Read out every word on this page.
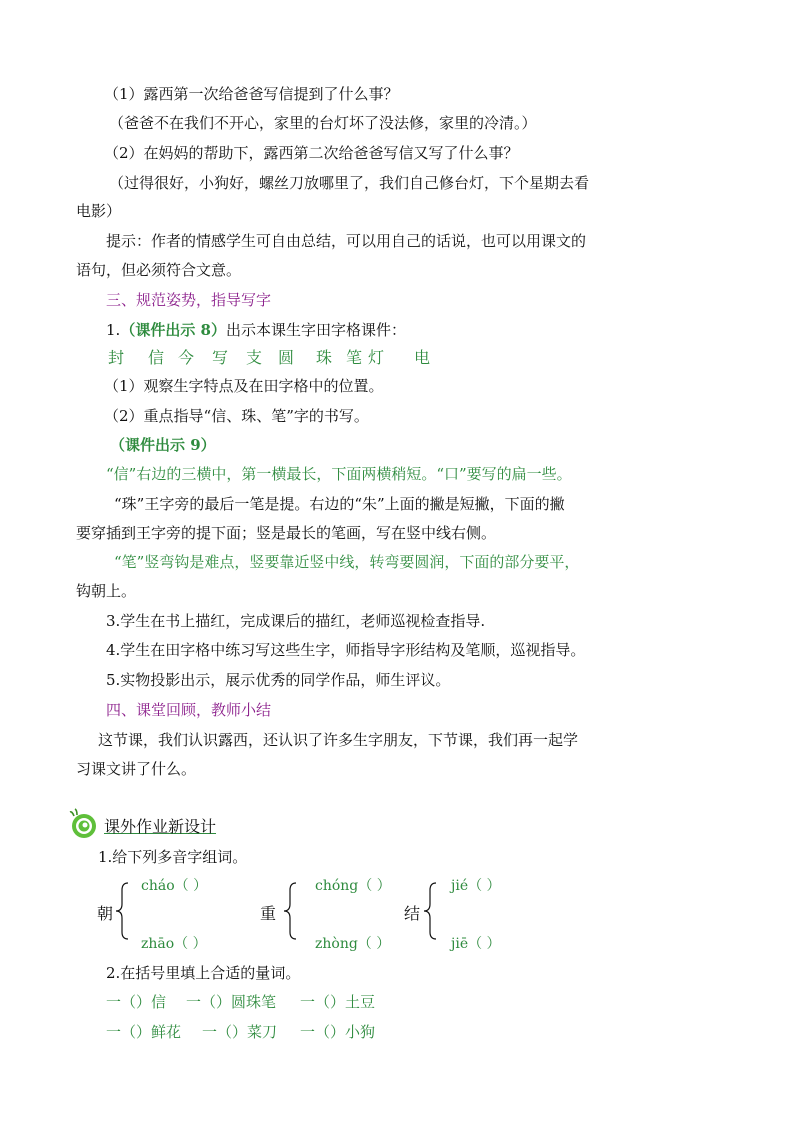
（1）露西第一次给爸爸写信提到了什么事？
（爸爸不在我们不开心，家里的台灯坏了没法修，家里的冷清。）
（2）在妈妈的帮助下，露西第二次给爸爸写信又写了什么事？
（过得很好，小狗好，螺丝刀放哪里了，我们自己修台灯，下个星期去看
电影）
提示：作者的情感学生可自由总结，可以用自己的话说，也可以用课文的
语句，但必须符合文意。
三、规范姿势，指导写字
1.（课件出示 8）出示本课生字田字格课件：
封 信 今 写 支 圆 珠 笔 灯 电
（1）观察生字特点及在田字格中的位置。
（2）重点指导“信、珠、笔”字的书写。
（课件出示 9）
“信”右边的三横中，第一横最长，下面两横稍短。“口”要写的扁一些。
“珠”王字旁的最后一笔是提。右边的“朱”上面的撇是短撇，下面的撇
要穿插到王字旁的提下面；竖是最长的笔画，写在竖中线右侧。
“笔”竖弯钩是难点，竖要靠近竖中线，转弯要圆润，下面的部分要平，
钩朝上。
3.学生在书上描红，完成课后的描红，老师巡视检查指导.
4.学生在田字格中练习写这些生字，师指导字形结构及笔顺，巡视指导。
5.实物投影出示，展示优秀的同学作品，师生评议。
四、课堂回顾，教师小结
这节课，我们认识露西，还认识了许多生字朋友，下节课，我们再一起学
习课文讲了什么。
课外作业新设计
1.给下列多音字组词。
cháo（ ）
朝
zhāo（ ）
chóng（ ）
重
zhòng（ ）
jié（ ）
结
jiē（ ）
2.在括号里填上合适的量词。
一（）信 一（）圆珠笔 一（）土豆
一（）鲜花 一（）菜刀 一（）小狗
